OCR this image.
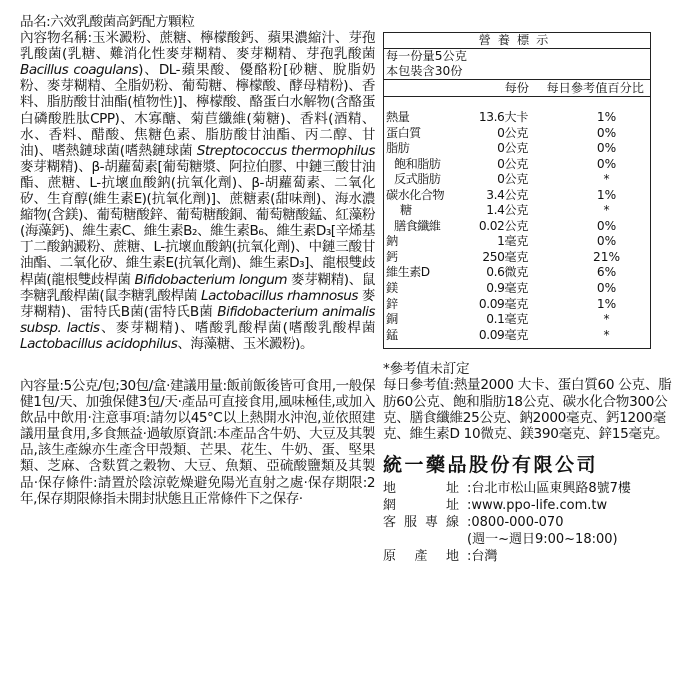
品名:六效乳酸菌高鈣配方顆粒

內容物名稱:玉米澱粉、蔗糖、檸檬酸鈣、蘋果濃縮汁、芽孢乳酸菌(乳糖、難消化性麥芽糊精、麥芽糊精、芽孢乳酸菌 Bacillus coagulans)、DL-蘋果酸、優酪粉[砂糖、脫脂奶粉、麥芽糊精、全脂奶粉、葡萄糖、檸檬酸、酵母精粉)、香料、脂肪酸甘油酯(植物性)]、檸檬酸、酪蛋白水解物(含酪蛋白磷酸胜肽CPP)、木寡醣、菊苣纖維(菊糖)、香料(酒精、水、香料、醋酸、焦糖色素、脂肪酸甘油酯、丙二醇、甘油)、嗜熱鏈球菌(嗜熱鏈球菌 Streptococcus thermophilus 麥芽糊精)、β-胡蘿蔔素[葡萄糖漿、阿拉伯膠、中鏈三酸甘油酯、蔗糖、L-抗壞血酸鈉(抗氧化劑)、β-胡蘿蔔素、二氧化矽、生育醇(維生素E)(抗氧化劑)]、蔗糖素(甜味劑)、海水濃縮物(含鎂)、葡萄糖酸鋅、葡萄糖酸銅、葡萄糖酸錳、紅藻粉(海藻鈣)、維生素C、維生素B₂、維生素B₆、維生素D₃[辛烯基丁二酸鈉澱粉、蔗糖、L-抗壞血酸鈉(抗氧化劑)、中鏈三酸甘油酯、二氧化矽、維生素E(抗氧化劑)、維生素D₃]、龍根雙歧桿菌(龍根雙歧桿菌 Bifidobacterium longum 麥芽糊精)、鼠李糖乳酸桿菌(鼠李糖乳酸桿菌 Lactobacillus rhamnosus 麥芽糊精)、雷特氏B菌(雷特氏B菌 Bifidobacterium animalis subsp. lactis、麥芽糊精)、嗜酸乳酸桿菌(嗜酸乳酸桿菌 Lactobacillus acidophilus、海藻糖、玉米澱粉)。

內容量:5公克/包;30包/盒‧建議用量:飯前飯後皆可食用,一般保健1包/天、加強保健3包/天‧產品可直接食用,風味極佳,或加入飲品中飲用‧注意事項:請勿以45°C以上熱開水沖泡,並依照建議用量食用,多食無益‧過敏原資訊:本產品含牛奶、大豆及其製品,該生產線亦生產含甲殼類、芒果、花生、牛奶、蛋、堅果類、芝麻、含麩質之穀物、大豆、魚類、亞硫酸鹽類及其製品‧保存條件:請置於陰涼乾燥避免陽光直射之處‧保存期限:2年,保存期限條指未開封狀態且正常條件下之保存‧

營養標示
每一份量5公克
本包裝含30份
每份	每日參考值百分比
熱量	13.6大卡	1%
蛋白質	0公克	0%
脂肪	0公克	0%
飽和脂肪	0公克	0%
反式脂肪	0公克	*
碳水化合物	3.4公克	1%
糖	1.4公克	*
膳食纖維	0.02公克	0%
鈉	1毫克	0%
鈣	250毫克	21%
維生素D	0.6微克	6%
鎂	0.9毫克	0%
鋅	0.09毫克	1%
銅	0.1毫克	*
錳	0.09毫克	*

*參考值未訂定

每日參考值:熱量2000 大卡、蛋白質60 公克、脂肪60公克、飽和脂肪18公克、碳水化合物300公克、膳食纖維25公克、鈉2000毫克、鈣1200毫克、維生素D 10微克、鎂390毫克、鋅15毫克。

統一藥品股份有限公司
地	址 :台北市松山區東興路8號7樓
網	址 :www.ppo-life.com.tw
客 服 專 線 :0800-000-070
(週一~週日9:00~18:00)
原 產 地 :台灣
